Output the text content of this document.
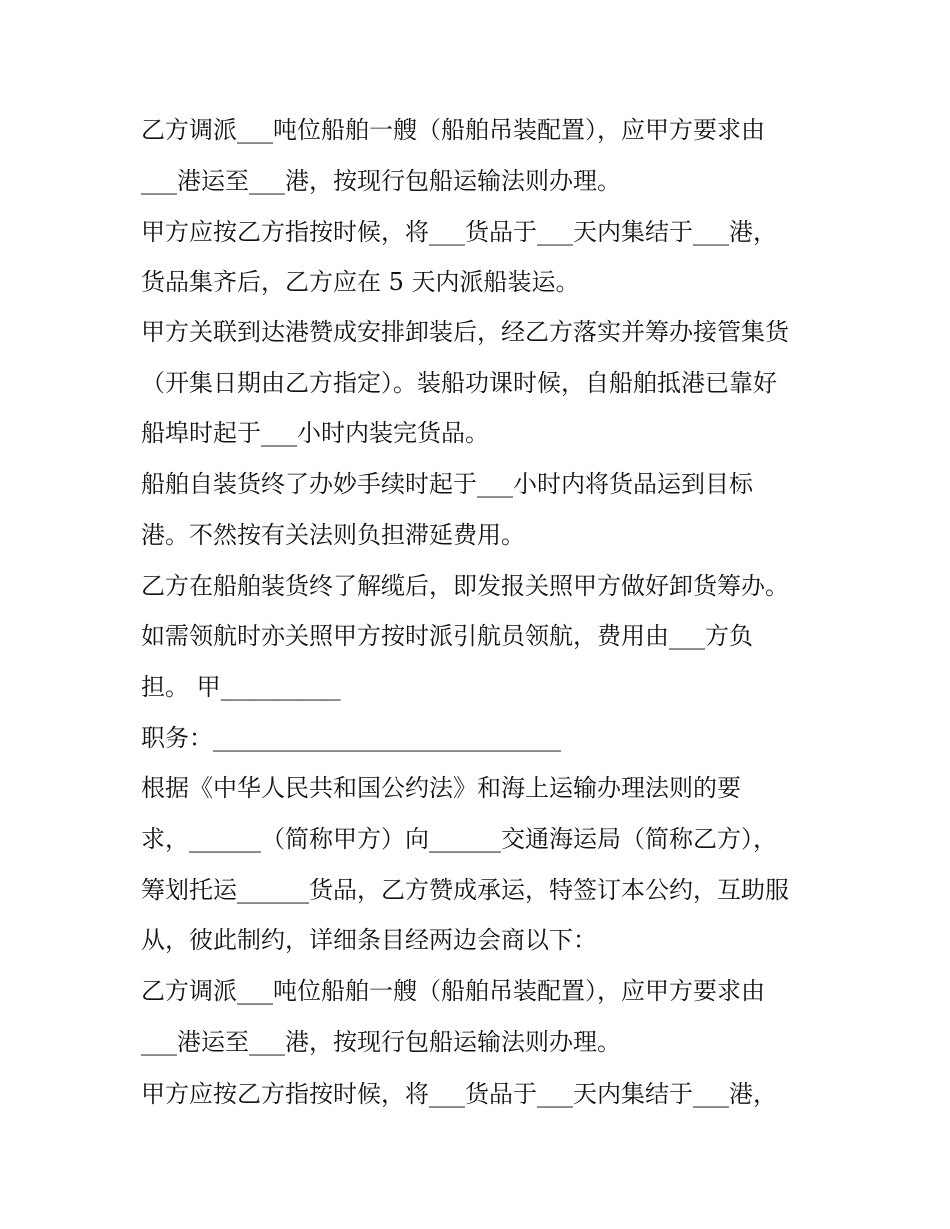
乙方调派___吨位船舶一艘（船舶吊装配置），应甲方要求由
___港运至___港，按现行包船运输法则办理。
甲方应按乙方指按时候，将___货品于___天内集结于___港，
货品集齐后，乙方应在 5 天内派船装运。
甲方关联到达港赞成安排卸装后，经乙方落实并筹办接管集货
（开集日期由乙方指定）。装船功课时候，自船舶抵港已靠好
船埠时起于___小时内装完货品。
船舶自装货终了办妙手续时起于___小时内将货品运到目标
港。不然按有关法则负担滞延费用。
乙方在船舶装货终了解缆后，即发报关照甲方做好卸货筹办。
如需领航时亦关照甲方按时派引航员领航，费用由___方负
担。 甲__________
职务：_____________________________
根据《中华人民共和国公约法》和海上运输办理法则的要
求，______（简称甲方）向______交通海运局（简称乙方），
筹划托运______货品，乙方赞成承运，特签订本公约，互助服
从，彼此制约，详细条目经两边会商以下：
乙方调派___吨位船舶一艘（船舶吊装配置），应甲方要求由
___港运至___港，按现行包船运输法则办理。
甲方应按乙方指按时候，将___货品于___天内集结于___港，
